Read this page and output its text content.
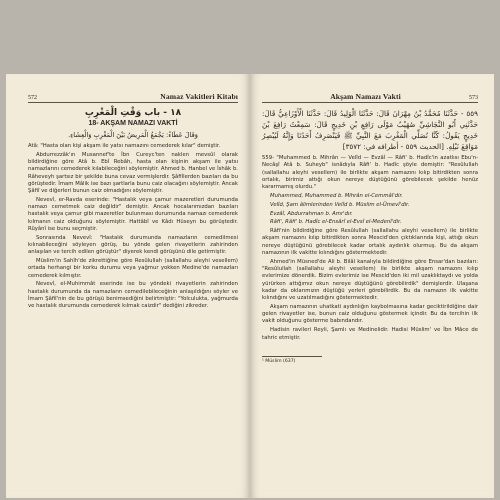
572	Namaz Vakitleri Kitabı
١٨ - باب وَقْتِ الْمَغْرِبِ
18- AKŞAM NAMAZI VAKTİ
وَقَالَ عَطَاءٌ: يَجْمَعُ الْمَرِيضُ بَيْنَ الْمَغْرِبِ وَالْعِشَاءِ.

Atâ: "Hasta olan kişi akşam ile yatsı namazını cemederek kılar" demiştir.

Abdurrezzâk'ın Musannef'te İbn Cureyc'ten naklen mevsûl olarak bildirdiğine göre Atâ b. Ebî Rebâh, hasta olan kişinin akşam ile yatsı namazlarını cemederek kılabileceğini söylemiştir. Ahmed b. Hanbel ve İshâk b. Râheveyh şartsız bir şekilde buna cevaz vermişlerdir. Şâfiîlerden bazıları da bu görüştedir. İmam Mâlik ise bazı şartlarla bunu caiz olacağını söylemiştir. Ancak Şâfiî ve diğerleri bunun caiz olmadığını söylemiştir.

Nevevî, er-Ravda eserinde: "Hastalık veya çamur mazeretleri durumunda namazı cemetmek caiz değildir" demiştir. Ancak hocalarımızdan bazıları hastalık veya çamur gibi mazeretler bulunması durumunda namazı cemederek kılmanın caiz olduğunu söylemiştir. Hattâbî ve Kâdı Hüseyn bu görüştedir. Rûyânî ise bunu seçmiştir.

Sonrasında Nevevî: "Hastalık durumunda namazların cemedilmesi kılınabileceğini söyleyen görüş, bu yönde gelen rivayetlerin zahirinden anlaşılan ve tercih edilen görüştür" diyerek kendi görüşünü dile getirmiştir.

Müslim'in Sahîh'de zikrettiğine göre Resûlullah (sallallahu aleyhi vesellem) ortada herhangi bir korku durumu veya yağmur yokken Medine'de namazları cemederek kılmıştır.

Nevevî, el-Muhimmât eserinde ise bu yöndeki rivayetlerin zahirinden hastalık durumunda da namazların cemedilebileceğinin anlaşıldığını söyler ve İmam Şâfiî'nin de bu görüşü benimsediğini belirtmiştir: "Yolculukta, yağmurda ve hastalık durumunda cemederek kılmak caizdir" dediğini zikreder.

Akşam Namazı Vakti	573
٥٥٩ - حَدَّثَنَا مُحَمَّدُ بْنُ مِهْرَانَ قَالَ: حَدَّثَنَا الْوَلِيدُ قَالَ: حَدَّثَنَا الْأَوْزَاعِيُّ قَالَ: حَدَّثَنِي أَبُو النَّجَاشِيِّ صُهَيْبٌ مَوْلَى رَافِعِ بْنِ خَدِيجٍ قَالَ: سَمِعْتُ رَافِعَ بْنَ خَدِيجٍ يَقُولُ: كُنَّا نُصَلِّي الْمَغْرِبَ مَعَ النَّبِيِّ ﷺ فَيَنْصَرِفُ أَحَدُنَا وَإِنَّهُ لَيُبْصِرُ مَوَاقِعَ نَبْلِهِ. [الحديث ٥٥٩ - أطرافه في: ٣٥٧٢]

559- "Muhammed b. Mihrân — Velîd — Evzâî — Râfi' b. Hadîc'in azatlısı Ebu'n-Necâşî Atâ b. Suheyb" isnâdıyla Râfi' b. Hadîc şöyle demiştir: "Resûlullah (sallallahu aleyhi vesellem) ile birlikte akşam namazını kılıp bitirdikten sonra ortalık, birimiz attığı okun nereye düştüğünü görebilecek şekilde henüz kararmamış olurdu."

Muhammed, Muhammed b. Mihrân el-Cemmâl'dir.

Velîd, Şam âlimlerinden Velîd b. Müslim el-Ümevî'dir.

Evzâî, Abdurrahman b. Amr'dır.

Râfi', Râfi' b. Hadîc el-Ensârî el-Evsî el-Medenî'dir.

Râfi'nin bildirdiğine göre Resûlullah (sallallahu aleyhi vesellem) ile birlikte akşam namazını kılıp bitirdikten sonra Mescid'den çıktıklarında kişi, attığı okun nereye düştüğünü görebilecek kadar ortalık aydınlık olurmuş. Bu da akşam namazının ilk vakitte kılındığını göstermektedir.

Ahmed'in Müsned'de Ali b. Bilâl kanalıyla bildirdiğine göre Ensar'dan bazıları: "Resûlullah (sallallahu aleyhi vesellem) ile birlikte akşam namazını kılıp evlerimize dönerdik. Bizim evlerimiz ise Mescid'den iki mil uzaklıktaydı ve yolda yürürken attığımız okun nereye düştüğünü görebilirdik" demişlerdir. Ulaşana kadar da oklarımızın düştüğü yerleri görebilirdik. Bu da namazın ilk vakitte kılındığını ve uzatılmadığını göstermektedir.

Akşam namazının uhatkati aydınlığın kaybolmasına kadar geciktirildiğine dair gelen rivayetler ise, bunun caiz olduğunu göstermek içindir. Bu da tercihin ilk vakit olduğunu gösterme babındandır.

Hadisin ravileri Reyli, Şamlı ve Medinelidir. Hadisi Müslim' ve İbn Mâce de tahric etmiştir.

¹ Müslim (637)
